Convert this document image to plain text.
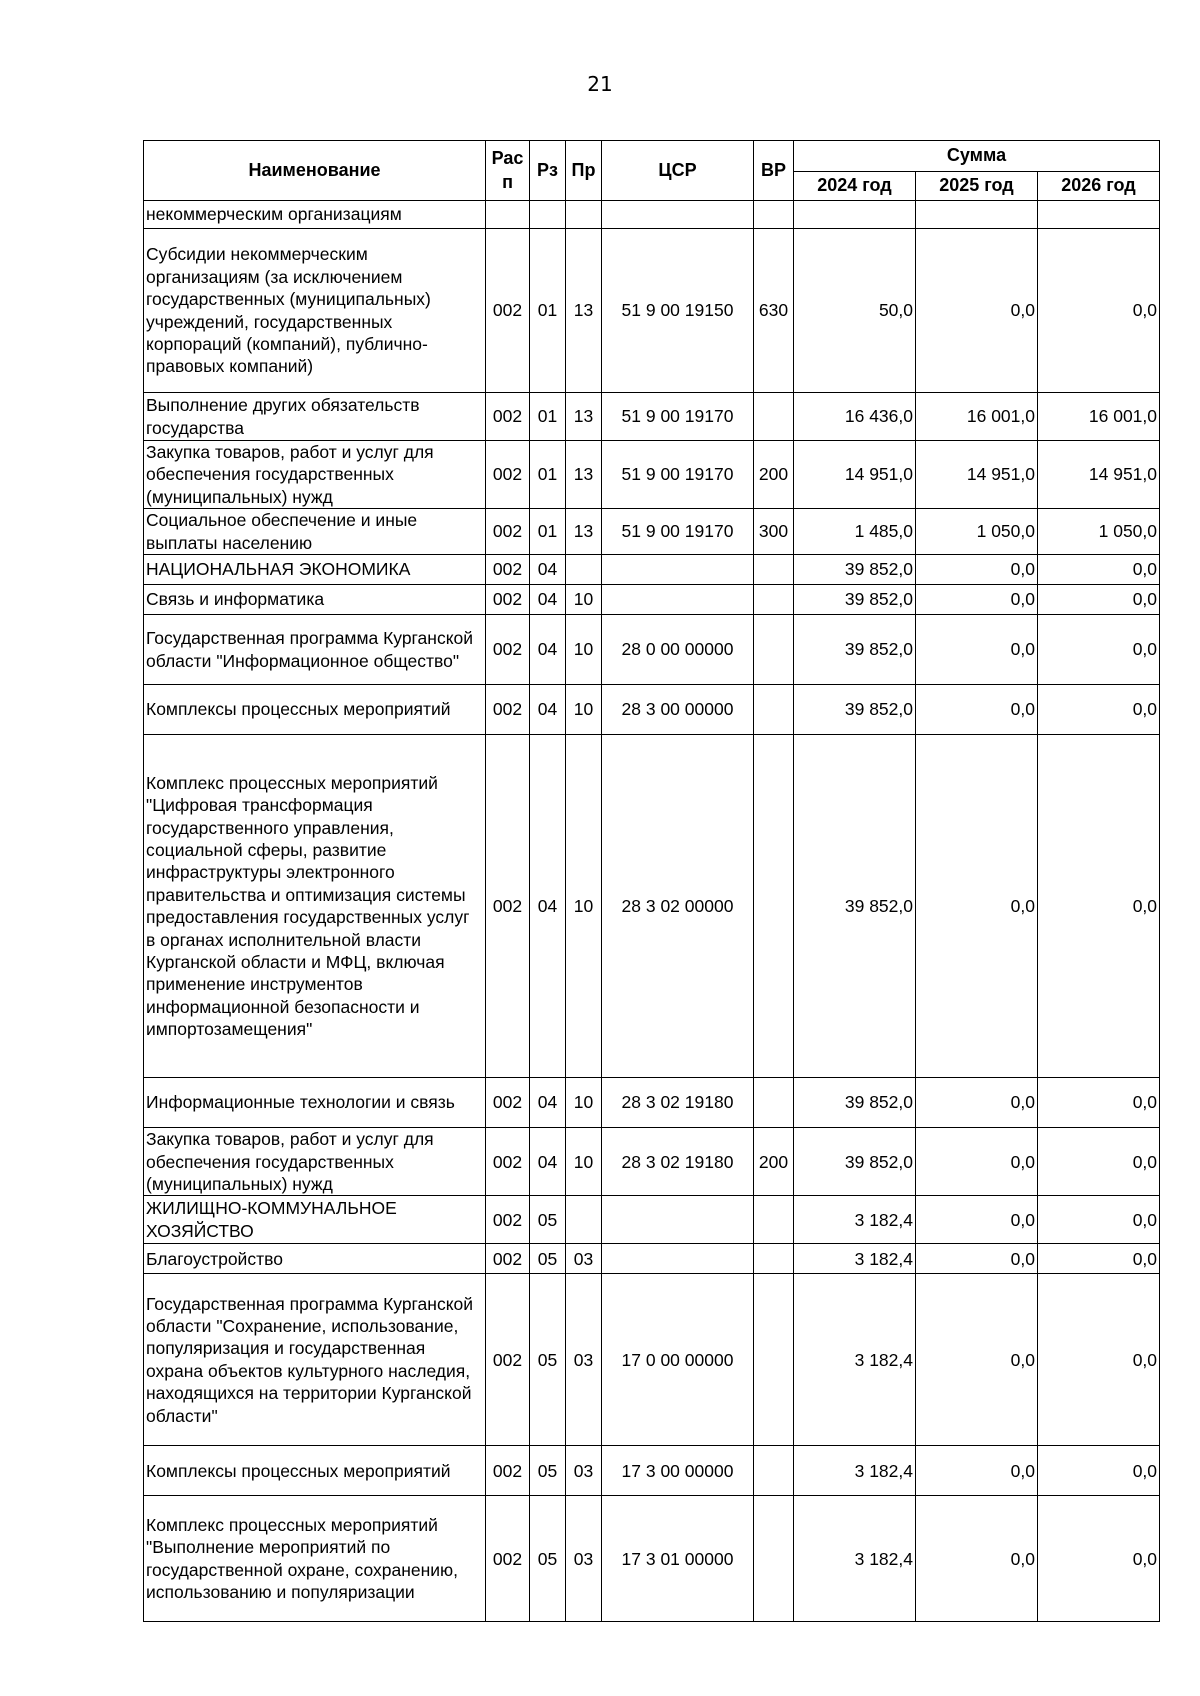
21
Наименование	Рас п	Рз	Пр	ЦСР	ВР	Сумма		
						2024 год	2025 год	2026 год
некоммерческим организациям								
Субсидии некоммерческим организациям (за исключением государственных (муниципальных) учреждений, государственных корпораций (компаний), публично-правовых компаний)	002	01	13	51 9 00 19150	630	50,0	0,0	0,0
Выполнение других обязательств государства	002	01	13	51 9 00 19170		16 436,0	16 001,0	16 001,0
Закупка товаров, работ и услуг для обеспечения государственных (муниципальных) нужд	002	01	13	51 9 00 19170	200	14 951,0	14 951,0	14 951,0
Социальное обеспечение и иные выплаты населению	002	01	13	51 9 00 19170	300	1 485,0	1 050,0	1 050,0
НАЦИОНАЛЬНАЯ ЭКОНОМИКА	002	04				39 852,0	0,0	0,0
Связь и информатика	002	04	10			39 852,0	0,0	0,0
Государственная программа Курганской области "Информационное общество"	002	04	10	28 0 00 00000		39 852,0	0,0	0,0
Комплексы процессных мероприятий	002	04	10	28 3 00 00000		39 852,0	0,0	0,0
Комплекс процессных мероприятий "Цифровая трансформация государственного управления, социальной сферы, развитие инфраструктуры электронного правительства и оптимизация системы предоставления государственных услуг в органах исполнительной власти Курганской области и МФЦ, включая применение инструментов информационной безопасности и импортозамещения"	002	04	10	28 3 02 00000		39 852,0	0,0	0,0
Информационные технологии и связь	002	04	10	28 3 02 19180		39 852,0	0,0	0,0
Закупка товаров, работ и услуг для обеспечения государственных (муниципальных) нужд	002	04	10	28 3 02 19180	200	39 852,0	0,0	0,0
ЖИЛИЩНО-КОММУНАЛЬНОЕ ХОЗЯЙСТВО	002	05				3 182,4	0,0	0,0
Благоустройство	002	05	03			3 182,4	0,0	0,0
Государственная программа Курганской области "Сохранение, использование, популяризация и государственная охрана объектов культурного наследия, находящихся на территории Курганской области"	002	05	03	17 0 00 00000		3 182,4	0,0	0,0
Комплексы процессных мероприятий	002	05	03	17 3 00 00000		3 182,4	0,0	0,0
Комплекс процессных мероприятий "Выполнение мероприятий по государственной охране, сохранению, использованию и популяризации	002	05	03	17 3 01 00000		3 182,4	0,0	0,0
